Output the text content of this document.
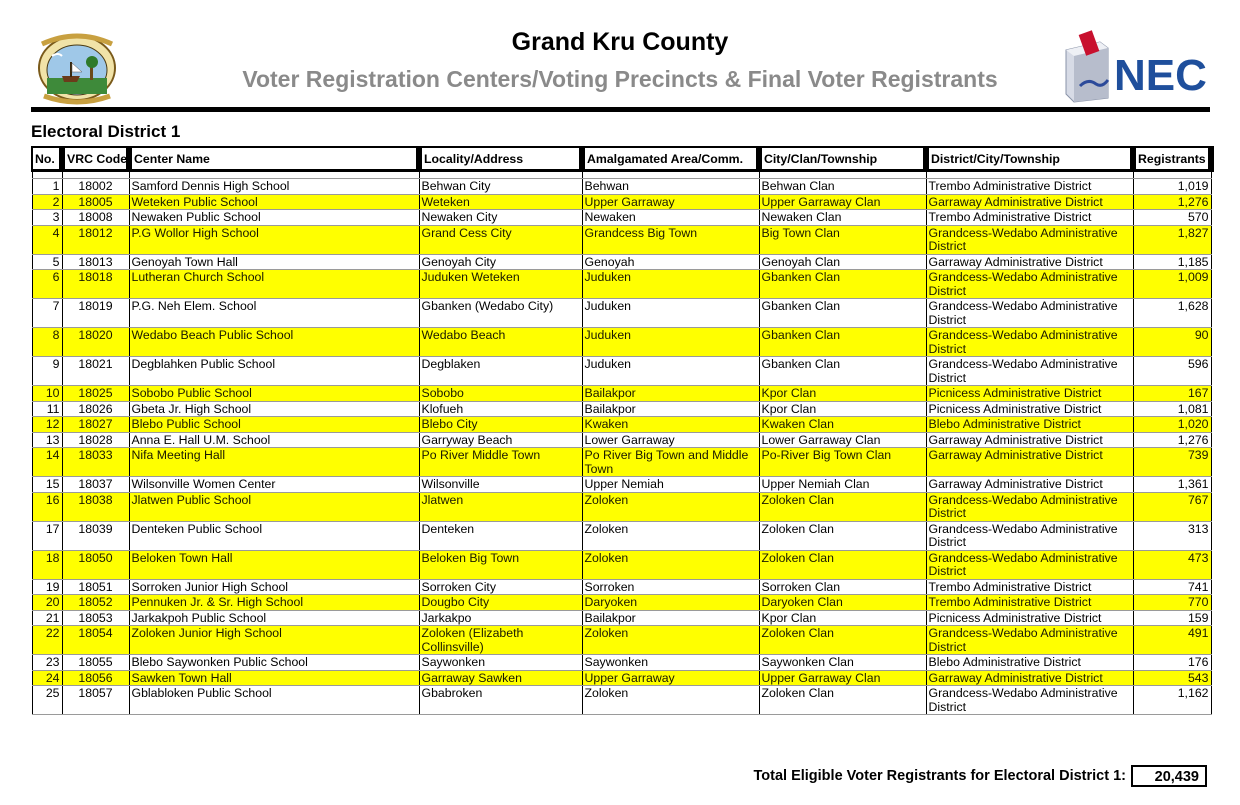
Grand Kru County
Voter Registration Centers/Voting Precincts & Final Voter Registrants	NEC
Electoral District 1
No.	VRC Code	Center Name	Locality/Address	Amalgamated Area/Comm.	City/Clan/Township	District/City/Township	Registrants

1	18002	Samford Dennis High School	Behwan City	Behwan	Behwan Clan	Trembo Administrative District	1,019
2	18005	Weteken Public School	Weteken	Upper Garraway	Upper Garraway Clan	Garraway Administrative District	1,276
3	18008	Newaken Public School	Newaken City	Newaken	Newaken Clan	Trembo Administrative District	570
4	18012	P.G Wollor High School	Grand Cess City	Grandcess Big Town	Big Town Clan	Grandcess-Wedabo Administrative District	1,827
5	18013	Genoyah Town Hall	Genoyah City	Genoyah	Genoyah Clan	Garraway Administrative District	1,185
6	18018	Lutheran Church School	Juduken Weteken	Juduken	Gbanken Clan	Grandcess-Wedabo Administrative District	1,009
7	18019	P.G. Neh Elem. School	Gbanken (Wedabo City)	Juduken	Gbanken Clan	Grandcess-Wedabo Administrative District	1,628
8	18020	Wedabo Beach Public School	Wedabo Beach	Juduken	Gbanken Clan	Grandcess-Wedabo Administrative District	90
9	18021	Degblahken Public School	Degblaken	Juduken	Gbanken Clan	Grandcess-Wedabo Administrative District	596
10	18025	Sobobo Public School	Sobobo	Bailakpor	Kpor Clan	Picnicess Administrative District	167
11	18026	Gbeta Jr. High School	Klofueh	Bailakpor	Kpor Clan	Picnicess Administrative District	1,081
12	18027	Blebo Public School	Blebo City	Kwaken	Kwaken Clan	Blebo Administrative District	1,020
13	18028	Anna E. Hall U.M. School	Garryway Beach	Lower Garraway	Lower Garraway Clan	Garraway Administrative District	1,276
14	18033	Nifa Meeting Hall	Po River Middle Town	Po River Big Town and Middle Town	Po-River Big Town Clan	Garraway Administrative District	739
15	18037	Wilsonville Women Center	Wilsonville	Upper Nemiah	Upper Nemiah Clan	Garraway Administrative District	1,361
16	18038	Jlatwen Public School	Jlatwen	Zoloken	Zoloken Clan	Grandcess-Wedabo Administrative District	767
17	18039	Denteken Public School	Denteken	Zoloken	Zoloken Clan	Grandcess-Wedabo Administrative District	313
18	18050	Beloken Town Hall	Beloken Big Town	Zoloken	Zoloken Clan	Grandcess-Wedabo Administrative District	473
19	18051	Sorroken Junior High School	Sorroken City	Sorroken	Sorroken Clan	Trembo Administrative District	741
20	18052	Pennuken Jr. & Sr. High School	Dougbo City	Daryoken	Daryoken Clan	Trembo Administrative District	770
21	18053	Jarkakpoh Public School	Jarkakpo	Bailakpor	Kpor Clan	Picnicess Administrative District	159
22	18054	Zoloken Junior High School	Zoloken (Elizabeth Collinsville)	Zoloken	Zoloken Clan	Grandcess-Wedabo Administrative District	491
23	18055	Blebo Saywonken Public School	Saywonken	Saywonken	Saywonken Clan	Blebo Administrative District	176
24	18056	Sawken Town Hall	Garraway Sawken	Upper Garraway	Upper Garraway Clan	Garraway Administrative District	543
25	18057	Gblabloken Public School	Gbabroken	Zoloken	Zoloken Clan	Grandcess-Wedabo Administrative District	1,162
Total Eligible Voter Registrants for Electoral District 1:	20,439
